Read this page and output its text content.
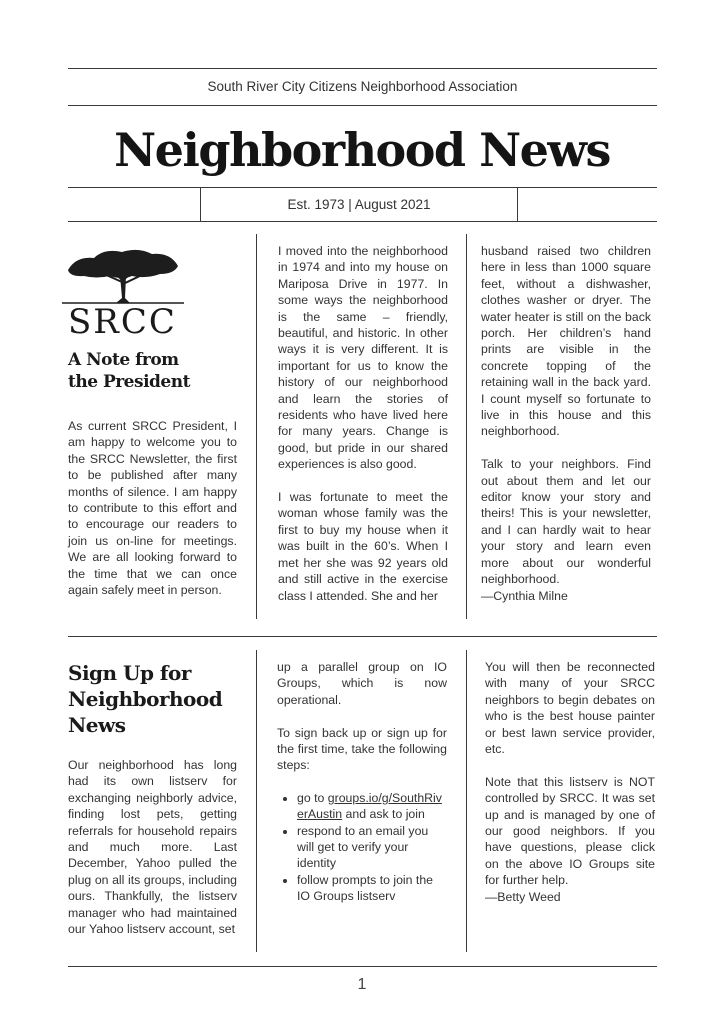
South River City Citizens Neighborhood Association
Neighborhood News
Est. 1973 | August 2021
SRCC
A Note from
the President

As current SRCC President, I am happy to welcome you to the SRCC Newsletter, the first to be published after many months of silence. I am happy to contribute to this effort and to encourage our readers to join us on-line for meetings. We are all looking forward to the time that we can once again safely meet in person.

I moved into the neighborhood in 1974 and into my house on Mariposa Drive in 1977. In some ways the neighborhood is the same – friendly, beautiful, and historic. In other ways it is very different. It is important for us to know the history of our neighborhood and learn the stories of residents who have lived here for many years. Change is good, but pride in our shared experiences is also good.

I was fortunate to meet the woman whose family was the first to buy my house when it was built in the 60’s. When I met her she was 92 years old and still active in the exercise class I attended. She and her

husband raised two children here in less than 1000 square feet, without a dishwasher, clothes washer or dryer. The water heater is still on the back porch. Her children’s hand prints are visible in the concrete topping of the retaining wall in the back yard. I count myself so fortunate to live in this house and this neighborhood.

Talk to your neighbors. Find out about them and let our editor know your story and theirs! This is your newsletter, and I can hardly wait to hear your story and learn even more about our wonderful neighborhood.

—Cynthia Milne

Sign Up for
Neighborhood
News

Our neighborhood has long had its own listserv for exchanging neighborly advice, finding lost pets, getting referrals for household repairs and much more. Last December, Yahoo pulled the plug on all its groups, including ours. Thankfully, the listserv manager who had maintained our Yahoo listserv account, set

up a parallel group on IO Groups, which is now operational.

To sign back up or sign up for the first time, take the following steps:

• go to groups.io/g/SouthRiverAustin and ask to join
• respond to an email you will get to verify your identity
• follow prompts to join the IO Groups listserv

You will then be reconnected with many of your SRCC neighbors to begin debates on who is the best house painter or best lawn service provider, etc.

Note that this listserv is NOT controlled by SRCC. It was set up and is managed by one of our good neighbors. If you have questions, please click on the above IO Groups site for further help.

—Betty Weed

1
